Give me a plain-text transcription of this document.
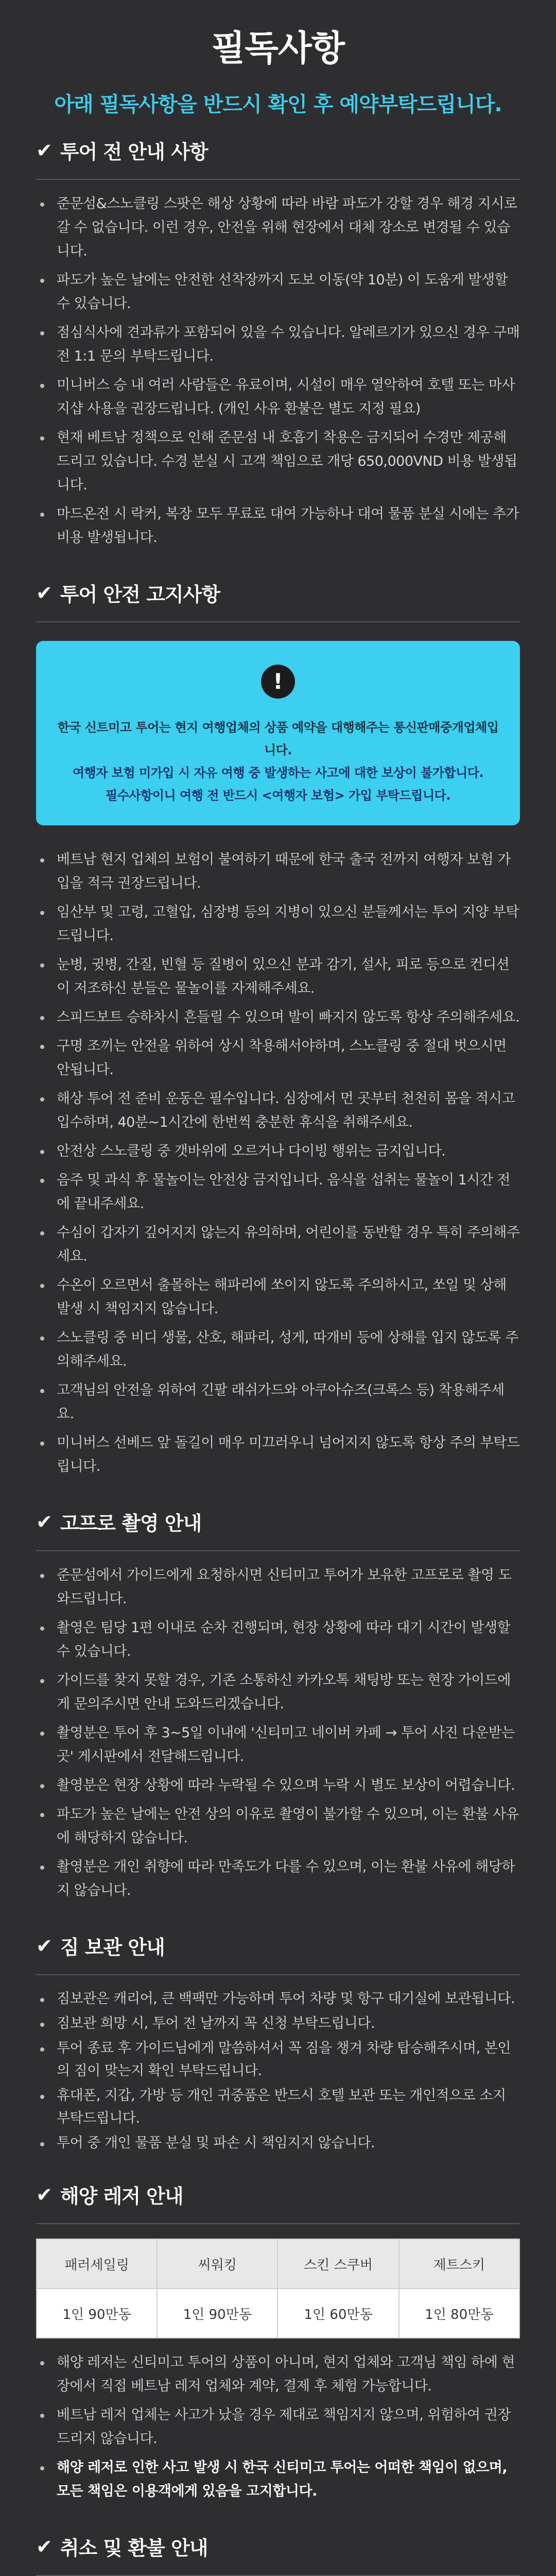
필독사항
아래 필독사항을 반드시 확인 후 예약부탁드립니다.
✔ 투어 전 안내 사항
준문섬&스노클링 스팟은 해상 상황에 따라 바람 파도가 강할 경우 해경 지시로 갈 수 없습니다. 이런 경우, 안전을 위해 현장에서 대체 장소로 변경될 수 있습니다.
파도가 높은 날에는 안전한 선착장까지 도보 이동(약 10분) 이 도움게 발생할 수 있습니다.
점심식사에 견과류가 포함되어 있을 수 있습니다. 알레르기가 있으신 경우 구매 전 1:1 문의 부탁드립니다.
미니버스 승 내 여러 사람들은 유료이며, 시설이 매우 열악하여 호텔 또는 마사지샵 사용을 권장드립니다. (개인 사유 환불은 별도 지정 필요)
현재 베트남 정책으로 인해 준문섬 내 호흡기 착용은 금지되어 수경만 제공해 드리고 있습니다. 수경 분실 시 고객 책임으로 개당 650,000VND 비용 발생됩니다.
마드온전 시 락커, 복장 모두 무료로 대여 가능하나 대여 물품 분실 시에는 추가 비용 발생됩니다.
✔ 투어 안전 고지사항
!

한국 신트미고 투어는 현지 여행업체의 상품 예약을 대행해주는 통신판매중개업체입니다.

여행자 보험 미가입 시 자유 여행 중 발생하는 사고에 대한 보상이 불가합니다.

필수사항이니 여행 전 반드시 <여행자 보험> 가입 부탁드립니다.

베트남 현지 업체의 보험이 불여하기 때문에 한국 출국 전까지 여행자 보험 가입을 적극 권장드립니다.
임산부 및 고령, 고혈압, 심장병 등의 지병이 있으신 분들께서는 투어 지양 부탁드립니다.
눈병, 귓병, 간질, 빈혈 등 질병이 있으신 분과 감기, 설사, 피로 등으로 컨디션이 저조하신 분들은 물놀이를 자제해주세요.
스피드보트 승하차시 흔들릴 수 있으며 발이 빠지지 않도록 항상 주의해주세요.
구명 조끼는 안전을 위하여 상시 착용해서야하며, 스노클링 중 절대 벗으시면 안됩니다.
해상 투어 전 준비 운동은 필수입니다. 심장에서 먼 곳부터 천천히 몸을 적시고 입수하며, 40분~1시간에 한번씩 충분한 휴식을 취해주세요.
안전상 스노클링 중 갯바위에 오르거나 다이빙 행위는 금지입니다.
음주 및 과식 후 물놀이는 안전상 금지입니다. 음식을 섭취는 물놀이 1시간 전에 끝내주세요.
수심이 갑자기 깊어지지 않는지 유의하며, 어린이를 동반할 경우 특히 주의해주세요.
수온이 오르면서 출몰하는 해파리에 쏘이지 않도록 주의하시고, 쏘일 및 상해 발생 시 책임지지 않습니다.
스노클링 중 비디 생물, 산호, 해파리, 성게, 따개비 등에 상해를 입지 않도록 주의해주세요.
고객님의 안전을 위하여 긴팔 래쉬가드와 아쿠아슈즈(크록스 등) 착용해주세요.
미니버스 선베드 앞 돌길이 매우 미끄러우니 넘어지지 않도록 항상 주의 부탁드립니다.
✔ 고프로 촬영 안내
준문섬에서 가이드에게 요청하시면 신티미고 투어가 보유한 고프로로 촬영 도와드립니다.
촬영은 팀당 1편 이내로 순차 진행되며, 현장 상황에 따라 대기 시간이 발생할 수 있습니다.
가이드를 찾지 못할 경우, 기존 소통하신 카카오톡 채팅방 또는 현장 가이드에게 문의주시면 안내 도와드리겠습니다.
촬영분은 투어 후 3~5일 이내에 '신티미고 네이버 카페 → 투어 사진 다운받는 곳' 게시판에서 전달해드립니다.
촬영분은 현장 상황에 따라 누락될 수 있으며 누락 시 별도 보상이 어렵습니다.
파도가 높은 날에는 안전 상의 이유로 촬영이 불가할 수 있으며, 이는 환불 사유에 해당하지 않습니다.
촬영분은 개인 취향에 따라 만족도가 다를 수 있으며, 이는 환불 사유에 해당하지 않습니다.
✔ 짐 보관 안내
짐보관은 캐리어, 큰 백팩만 가능하며 투어 차량 및 항구 대기실에 보관됩니다.
짐보관 희망 시, 투어 전 날까지 꼭 신청 부탁드립니다.
투어 종료 후 가이드님에게 말씀하셔서 꼭 짐을 챙겨 차량 탑승해주시며, 본인의 짐이 맞는지 확인 부탁드립니다.
휴대폰, 지갑, 가방 등 개인 귀중품은 반드시 호텔 보관 또는 개인적으로 소지 부탁드립니다.
투어 중 개인 물품 분실 및 파손 시 책임지지 않습니다.
✔ 해양 레저 안내
패러세일링	씨워킹	스킨 스쿠버	제트스키
1인 90만동	1인 90만동	1인 60만동	1인 80만동
해양 레저는 신티미고 투어의 상품이 아니며, 현지 업체와 고객님 책임 하에 현장에서 직접 베트남 레저 업체와 계약, 결제 후 체험 가능합니다.
베트남 레저 업체는 사고가 났을 경우 제대로 책임지지 않으며, 위험하여 권장드리지 않습니다.
해양 레저로 인한 사고 발생 시 한국 신티미고 투어는 어떠한 책임이 없으며, 모든 책임은 이용객에게 있음을 고지합니다.
✔ 취소 및 환불 안내
